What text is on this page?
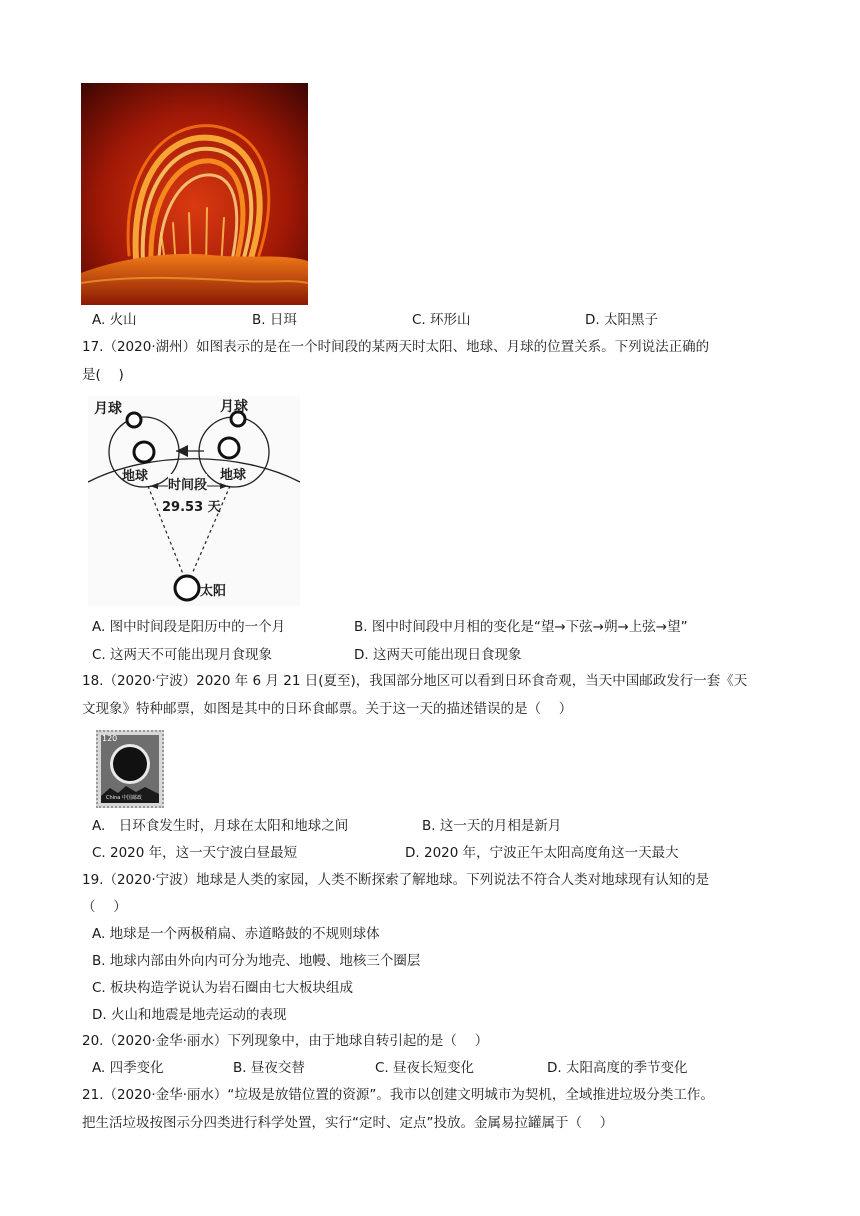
A. 火山	B. 日珥	C. 环形山	D. 太阳黑子
17.（2020·湖州）如图表示的是在一个时间段的某两天时太阳、地球、月球的位置关系。下列说法正确的
是(　 )
月球	月球
地球	地球
时间段
29.53 天
太阳
A. 图中时间段是阳历中的一个月	B. 图中时间段中月相的变化是“望→下弦→朔→上弦→望”
C. 这两天不可能出现月食现象	D. 这两天可能出现日食现象
18.（2020·宁波）2020 年 6 月 21 日(夏至)，我国部分地区可以看到日环食奇观，当天中国邮政发行一套《天
文现象》特种邮票，如图是其中的日环食邮票。关于这一天的描述错误的是（　 ）
120
China 中国邮政
A.　日环食发生时，月球在太阳和地球之间	B. 这一天的月相是新月
C. 2020 年，这一天宁波白昼最短	D. 2020 年，宁波正午太阳高度角这一天最大
19.（2020·宁波）地球是人类的家园，人类不断探索了解地球。下列说法不符合人类对地球现有认知的是
（　 ）
A. 地球是一个两极稍扁、赤道略鼓的不规则球体
B. 地球内部由外向内可分为地壳、地幔、地核三个圈层
C. 板块构造学说认为岩石圈由七大板块组成
D. 火山和地震是地壳运动的表现
20.（2020·金华·丽水）下列现象中，由于地球自转引起的是（　 ）
A. 四季变化	B. 昼夜交替	C. 昼夜长短变化	D. 太阳高度的季节变化
21.（2020·金华·丽水）“垃圾是放错位置的资源”。我市以创建文明城市为契机，全域推进垃圾分类工作。
把生活垃圾按图示分四类进行科学处置，实行“定时、定点”投放。金属易拉罐属于（　 ）
